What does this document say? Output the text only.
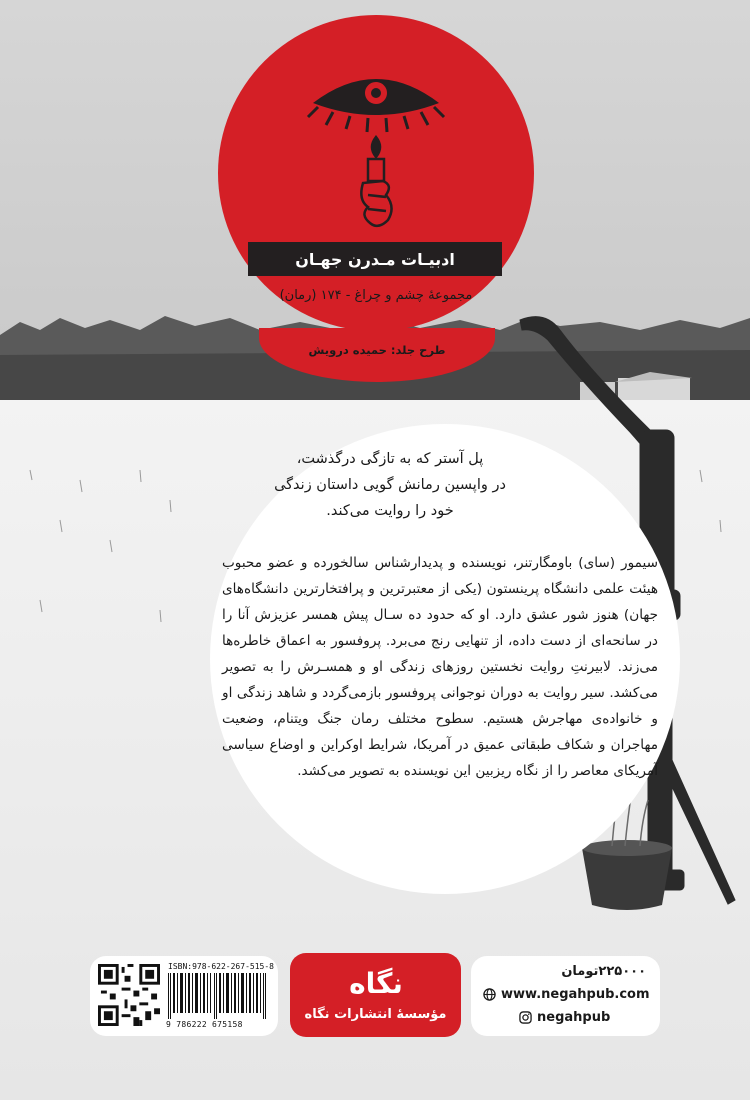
ادبیـات مـدرن جهـان
مجموعهٔ چشم و چراغ - ۱۷۴ (رمان)
طرح جلد: حمیده درویش
پل آستر که به تازگی درگذشت،
در واپسین رمانش گویی داستان زندگی
خود را روایت می‌کند.

سیمور (سای) باومگارتنر، نویسنده و پدیدارشناس سالخورده و عضو محبوب هیئت علمی دانشگاه پرینستون (یکی از معتبرترین و پرافتخارترین دانشگاه‌های جهان) هنوز شور عشق دارد. او که حدود ده سـال پیش همسر عزیزش آنا را در سانحه‌ای از دست داده، از تنهایی رنج می‌برد. پروفسور به اعماق خاطره‌ها می‌زند. لابیرنتِ روایت نخستین روزهای زندگی او و همسـرش را به تصویر می‌کشد. سیر روایت به دوران نوجوانی پروفسور بازمی‌گردد و شاهد زندگی او و خانواده‌ی مهاجرش هستیم. سطوح مختلف رمان جنگ ویتنام، وضعیت مهاجران و شکاف طبقاتی عمیق در آمریکا، شرایط اوکراین و اوضاع سیاسی آمریکای معاصر را از نگاه ریزبین این نویسنده به تصویر می‌کشد.

ISBN:978-622-267-515-8
9 786222 675158
نگاه
مؤسسهٔ انتشارات نگاه
۲۲۵۰۰۰تومان
www.negahpub.com
negahpub
